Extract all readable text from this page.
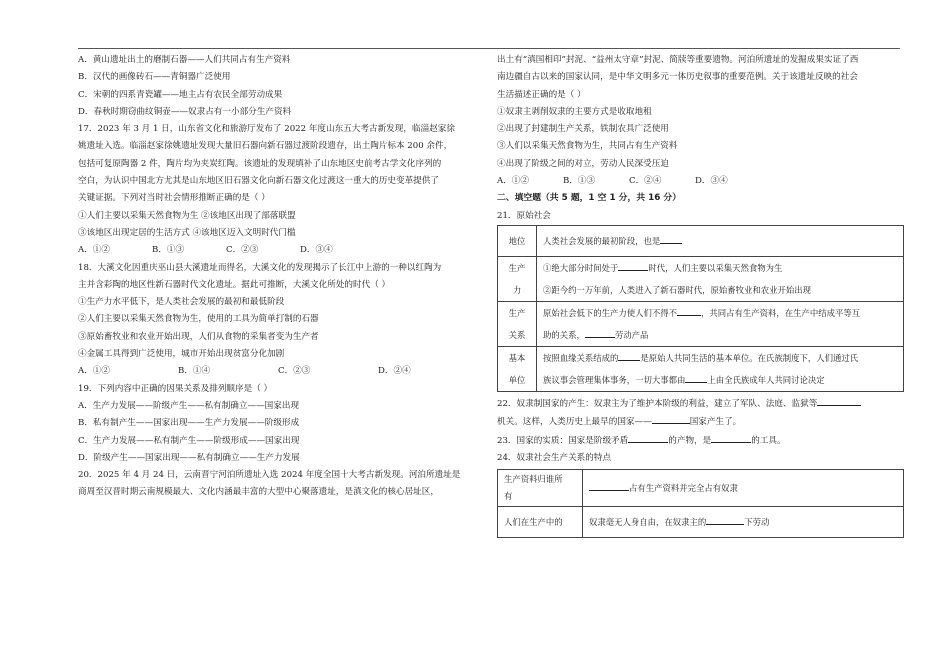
A．黄山遗址出土的磨制石器——人们共同占有生产资料

B．汉代的画像砖石——青铜器广泛使用

C．宋朝的四系青瓷罐——地主占有农民全部劳动成果

D．春秋时期窃曲纹铜壶——奴隶占有一小部分生产资料

17．2023 年 3 月 1 日，山东省文化和旅游厅发布了 2022 年度山东五大考古新发现，临淄赵家徐

姚遗址入选。临淄赵家徐姚遗址发现大量旧石器向新石器过渡阶段遗存，出土陶片标本 200 余件，

包括可复原陶器 2 件，陶片均为夹炭红陶。该遗址的发现填补了山东地区史前考古学文化序列的

空白，为认识中国北方尤其是山东地区旧石器文化向新石器文化过渡这一重大的历史变革提供了

关键证据。下列对当时社会情形推断正确的是（ ）

①人们主要以采集天然食物为生 ②该地区出现了部落联盟

③该地区出现定居的生活方式 ④该地区迈入文明时代门槛

A．①②	B．①③	C．②③	D．③④

18．大溪文化因重庆巫山县大溪遗址而得名，大溪文化的发现揭示了长江中上游的一种以红陶为

主并含彩陶的地区性新石器时代文化遗址。据此可推断，大溪文化所处的时代（ ）

①生产力水平低下，是人类社会发展的最初和最低阶段

②人们主要以采集天然食物为生，使用的工具为简单打制的石器

③原始畜牧业和农业开始出现，人们从食物的采集者变为生产者

④金属工具得到广泛使用，城市开始出现贫富分化加剧

A．①②	B．①④	C．②③	D．②④

19．下列内容中正确的因果关系及排列顺序是（ ）

A．生产力发展——阶级产生——私有制确立——国家出现

B．私有制产生——国家出现——生产力发展——阶级形成

C．生产力发展——私有制产生——阶级形成——国家出现

D．阶级产生——国家出现——私有制确立——生产力发展

20．2025 年 4 月 24 日，云南晋宁河泊所遗址入选 2024 年度全国十大考古新发现。河泊所遗址是

商周至汉晋时期云南规模最大、文化内涵最丰富的大型中心聚落遗址，是滇文化的核心居址区，

出土有“滇国相印”封泥、“益州太守章”封泥、简牍等重要遗物。河泊所遗址的发掘成果实证了西

南边疆自古以来的国家认同，是中华文明多元一体历史叙事的重要范例。关于该遗址反映的社会

生活描述正确的是（ ）

①奴隶主剥削奴隶的主要方式是收取地租

②出现了封建制生产关系，铁制农具广泛使用

③人们以采集天然食物为生，共同占有生产资料

④出现了阶级之间的对立，劳动人民深受压迫

A．①②	B．①③	C．②④	D．③④

二、填空题（共 5 题，1 空 1 分，共 16 分）

21．原始社会

地位	人类社会发展的最初阶段，也是
生产
力	①绝大部分时间处于 时代，人们主要以采集天然食物为生
②距今约一万年前，人类进入了新石器时代，原始畜牧业和农业开始出现
生产
关系	原始社会低下的生产力使人们不得不 ，共同占有生产资料，在生产中结成平等互
助的关系， 劳动产品
基本
单位	按照血缘关系结成的 是原始人共同生活的基本单位。在氏族制度下，人们通过氏
族议事会管理集体事务，一切大事都由 上由全氏族成年人共同讨论决定

22．奴隶制国家的产生：奴隶主为了维护本阶级的利益，建立了军队、法庭、监狱等

机关。这样，人类历史上最早的国家——	国家产生了。

23．国家的实质：国家是阶级矛盾	的产物，是	的工具。

24．奴隶社会生产关系的特点

生产资料归谁所
有	占有生产资料并完全占有奴隶
人们在生产中的	奴隶毫无人身自由，在奴隶主的 下劳动
